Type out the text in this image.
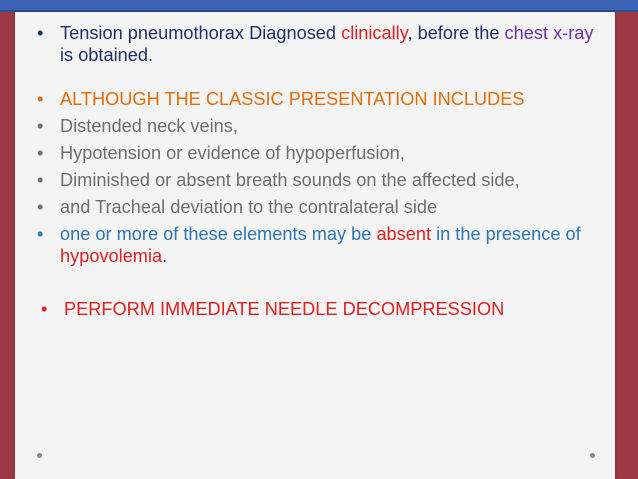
• Tension pneumothorax Diagnosed clinically, before the chest x-ray is obtained.
• ALTHOUGH THE CLASSIC PRESENTATION INCLUDES
• Distended neck veins,
• Hypotension or evidence of hypoperfusion,
• Diminished or absent breath sounds on the affected side,
• and Tracheal deviation to the contralateral side
• one or more of these elements may be absent in the presence of hypovolemia.
• PERFORM IMMEDIATE NEEDLE DECOMPRESSION
